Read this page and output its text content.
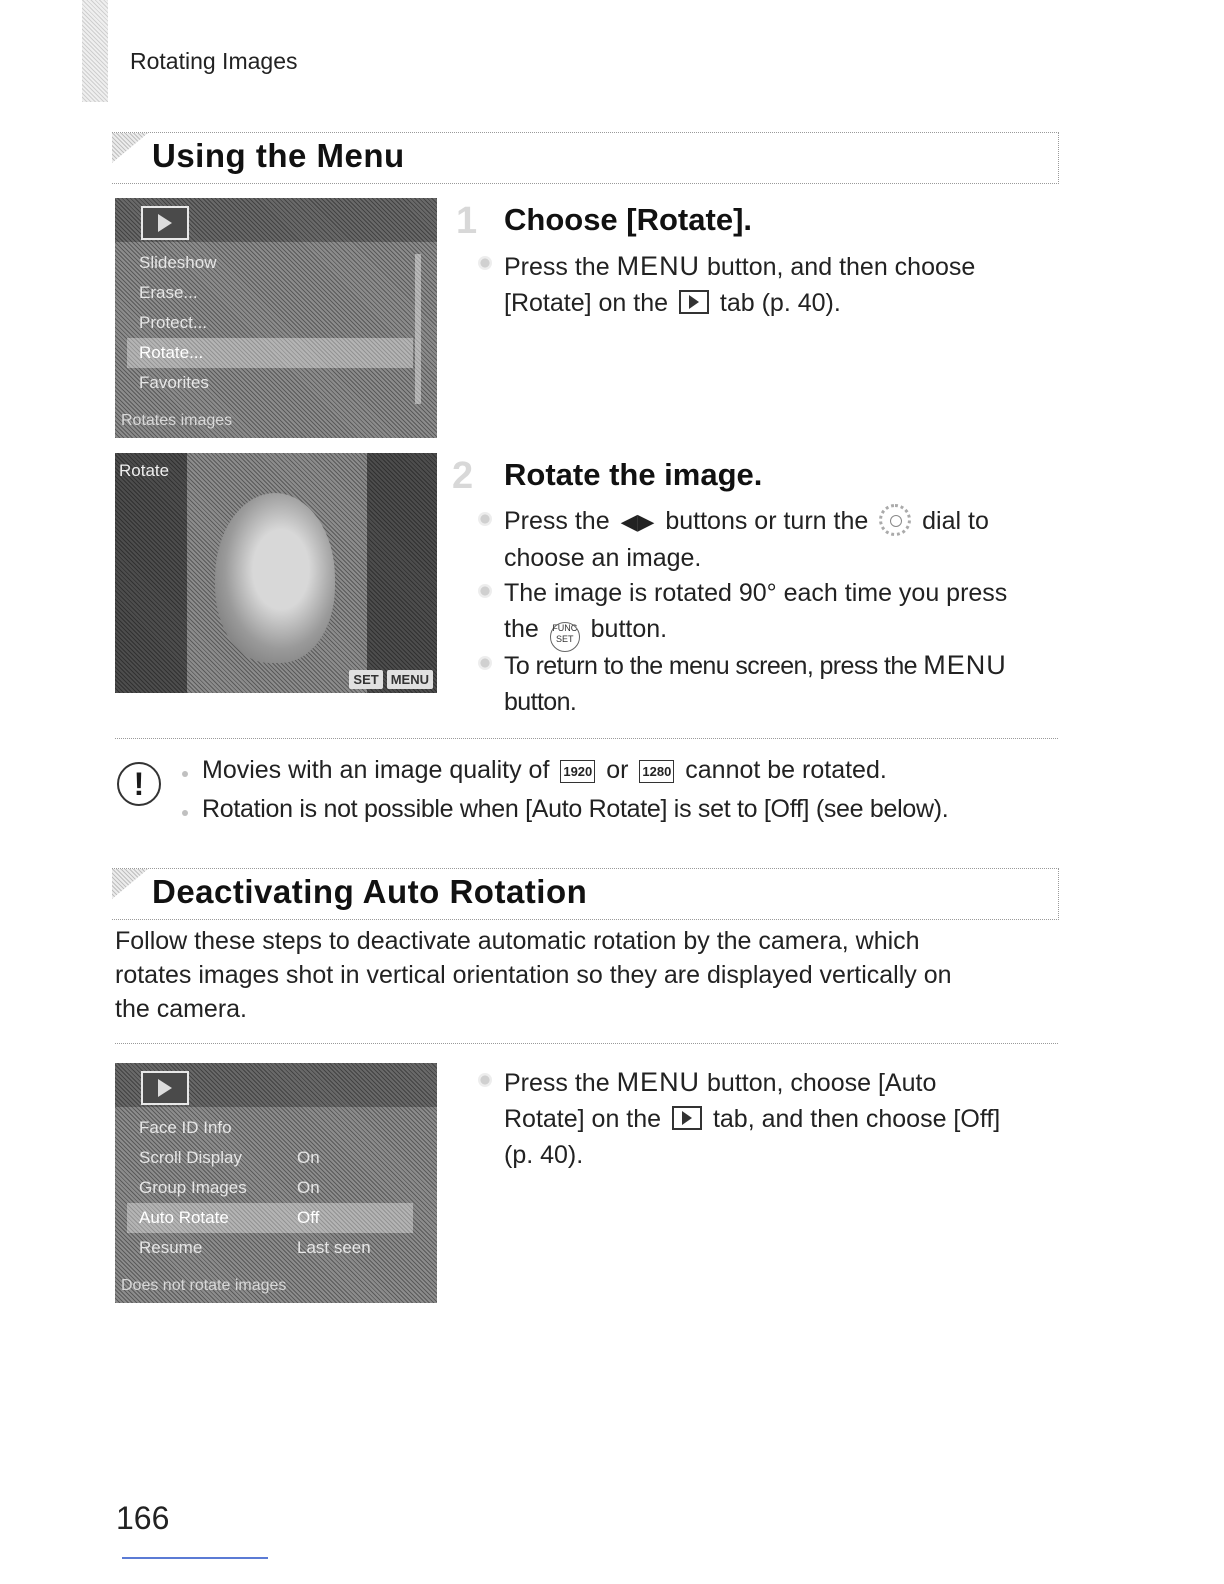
Rotating Images
Using the Menu
Slideshow
Erase...
Protect...
Rotate...
Favorites
Rotates images
Rotate
SET MENU
1 Choose [Rotate].
Press the MENU button, and then choose
[Rotate] on the  tab (p. 40).
2 Rotate the image.
Press the ◀▶ buttons or turn the  dial to
choose an image.
The image is rotated 90° each time you press
the FUNC SET button.
To return to the menu screen, press the MENU
button.
!	Movies with an image quality of 1920 or 1280 cannot be rotated.
Rotation is not possible when [Auto Rotate] is set to [Off] (see below).
Deactivating Auto Rotation
Follow these steps to deactivate automatic rotation by the camera, which
rotates images shot in vertical orientation so they are displayed vertically on
the camera.
Face ID Info
Scroll Display	On
Group Images	On
Auto Rotate	Off
Resume	Last seen
Does not rotate images
Press the MENU button, choose [Auto
Rotate] on the  tab, and then choose [Off]
(p. 40).
166
